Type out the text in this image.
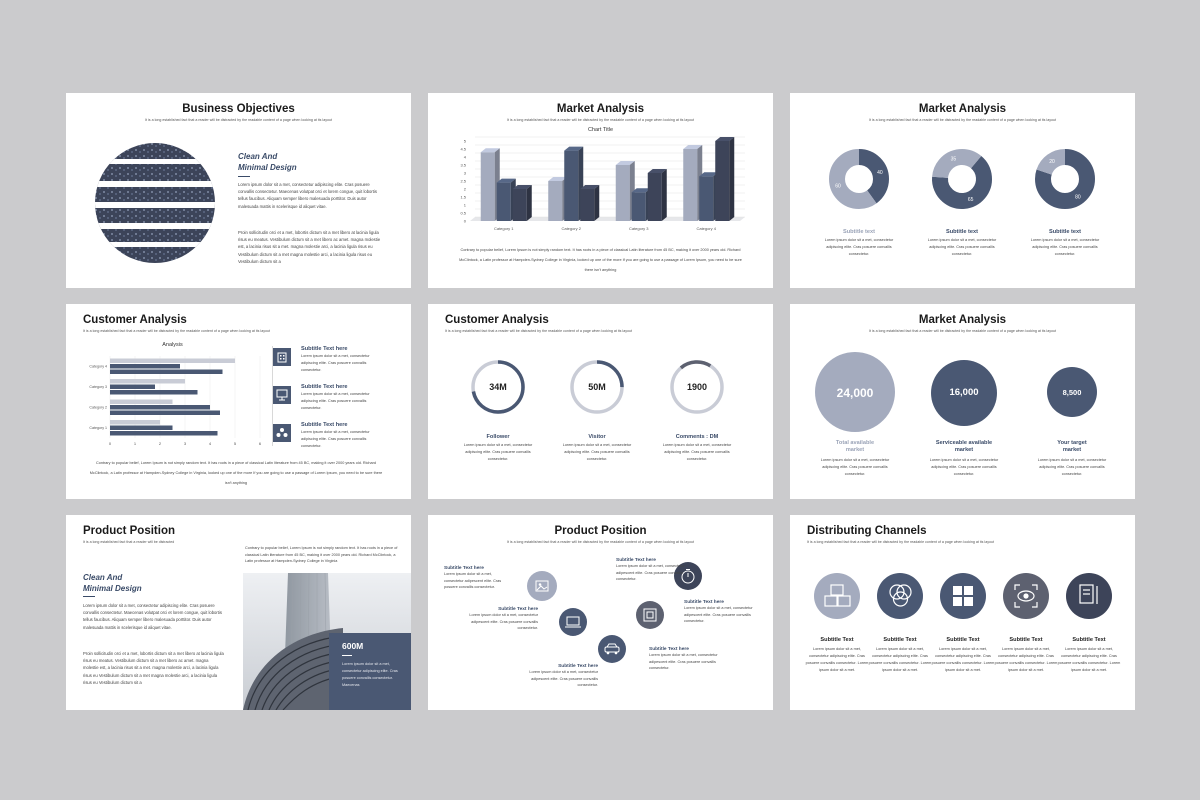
Business Objectives
It is a long established fact that a reader will be distracted by the readable content of a page when looking at its layout
Clean And
Minimal Design
Lorem ipsum dolor sit a met, consectetur adipiscing elite. Cras posuere convallis consectetur. Maecenas volutpat orci et lorem congue, quit lobortis tellus faucibus. Aliquam semper libero malesuada porttitor. Duis autor malesuada mattis in scelerisque id aliquet vitae.
Proin sollicitudin orci et a met, lobortis dictum sit a met libero at lacinia ligula risus eu meatus. Vestibulum dictum sit a met libero ac amet. magna molestie est, a lacinia risus sit a met. magna molestie arci, a lacinia ligula risus eu Vestibulum dictum sit a met magna molestie arci, a lacinia ligula risus eu Vestibulum dictum sit a
Market Analysis
It is a long established fact that a reader will be distracted by the readable content of a page when looking at its layout
Chart Title
0
0.5
1
1.5
2
2.5
3
3.5
4
4.5
5
Category 1	Category 2	Category 3	Category 4
Contrary to popular belief, Lorem Ipsum is not simply random text. It has roots in a piece of classical Latin literature from 45 BC, making it over 2000 years old. Richard McClintock, a Latin professor at Hampden-Sydney College in Virginia, looked up one of the more If you are going to use a passage of Lorem Ipsum, you need to be sure there isn't anything
Market Analysis
It is a long established fact that a reader will be distracted by the readable content of a page when looking at its layout
40
60
65
35
80
20
Subtitle text	Subtitle text	Subtitle text
Lorem ipsum dolor sit a met, consectetur adipiscing elite. Cras posuere convallis consectetur.
Lorem ipsum dolor sit a met, consectetur adipiscing elite. Cras posuere convallis consectetur.
Lorem ipsum dolor sit a met, consectetur adipiscing elite. Cras posuere convallis consectetur.
Customer Analysis
It is a long established fact that a reader will be distracted by the readable content of a page when looking at its layout
Analysis
0	1	2	3	4	5	6
Category 1
Category 2
Category 3
Category 4
Subtitle Text here
Lorem ipsum dolor sit a met, consectetur adipiscing elite. Cras posuere convallis consectetur.
Subtitle Text here
Lorem ipsum dolor sit a met, consectetur adipiscing elite. Cras posuere convallis consectetur.
Subtitle Text here
Lorem ipsum dolor sit a met, consectetur adipiscing elite. Cras posuere convallis consectetur.
Contrary to popular belief, Lorem Ipsum is not simply random text. It has roots in a piece of classical Latin literature from 45 BC, making it over 2000 years old. Richard McClintock, a Latin professor at Hampden-Sydney College in Virginia, looked up one of the more If you are going to use a passage of Lorem Ipsum, you need to be sure there isn't anything
Customer Analysis
It is a long established fact that a reader will be distracted by the readable content of a page when looking at its layout
34M	50M	1900
Follower	Visitor	Comments : DM
Lorem ipsum dolor sit a met, consectetur adipiscing elite. Cras posuere convallis consectetur.
Lorem ipsum dolor sit a met, consectetur adipiscing elite. Cras posuere convallis consectetur.
Lorem ipsum dolor sit a met, consectetur adipiscing elite. Cras posuere convallis consectetur.
Market Analysis
It is a long established fact that a reader will be distracted by the readable content of a page when looking at its layout
24,000	16,000	8,500
Total available
market
Serviceable available
market
Your target
market
Lorem ipsum dolor sit a met, consectetur adipiscing elite. Cras posuere convallis consectetur.
Lorem ipsum dolor sit a met, consectetur adipiscing elite. Cras posuere convallis consectetur.
Lorem ipsum dolor sit a met, consectetur adipiscing elite. Cras posuere convallis consectetur.
Product Position
It is a long established fact that a reader will be distracted
Clean And
Minimal Design
Lorem ipsum dolor sit a met, consectetur adipiscing elite. Cras posuere convallis consectetur. Maecenas volutpat orci et lorem congue, quit lobortis tellus faucibus. Aliquam semper libero malesuada porttitor. Duis autor malesuada mattis in scelerisque id aliquet vitae.
Proin sollicitudin orci et a met, lobortis dictum sit a met libero at lacinia ligula risus eu meatus. Vestibulum dictum sit a met libero ac amet. magna molestie est, a lacinia risus sit a met. magna molestie arci, a lacinia ligula risus eu Vestibulum dictum sit a met magna molestie arci, a lacinia ligula risus eu Vestibulum dictum sit a
Contrary to popular belief, Lorem Ipsum is not simply random text. It has roots in a piece of classical Latin literature from 45 BC, making it over 2000 years old. Richard McClintock, a Latin professor at Hampden-Sydney College in Virginia
600M
Lorem ipsum dolor sit a met, consectetur adipiscing elite. Cras posuere convallis consectetur. Maecenas
Product Position
It is a long established fact that a reader will be distracted by the readable content of a page when looking at its layout
Subtitle Text here
Lorem ipsum dolor sit a met, consectetur adipescent elite. Cras posuere convallis consectetur.
Subtitle Text here
Lorem ipsum dolor sit a met, consectetur adipescent elite. Cras posuere convallis consectetur.
Subtitle Text here
Lorem ipsum dolor sit a met, consectetur adipescent elite. Cras posuere convallis consectetur.
Subtitle Text here
Lorem ipsum dolor sit a met, consectetur adipescent elite. Cras posuere convallis consectetur.
Subtitle Text here
Lorem ipsum dolor sit a met, consectetur adipescent elite. Cras posuere convallis consectetur.
Subtitle Text here
Lorem ipsum dolor sit a met, consectetur adipescent elite. Cras posuere convallis consectetur.
Distributing Channels
It is a long established fact that a reader will be distracted by the readable content of a page when looking at its layout
Subtitle Text	Subtitle Text	Subtitle Text	Subtitle Text	Subtitle Text
Lorem ipsum dolor sit a met, consectetur adipiscing elite. Cras posuere convallis consectetur. Lorem ipsum dolor sit a met.
Lorem ipsum dolor sit a met, consectetur adipiscing elite. Cras posuere convallis consectetur. Lorem ipsum dolor sit a met.
Lorem ipsum dolor sit a met, consectetur adipiscing elite. Cras posuere convallis consectetur. Lorem ipsum dolor sit a met.
Lorem ipsum dolor sit a met, consectetur adipiscing elite. Cras posuere convallis consectetur. Lorem ipsum dolor sit a met.
Lorem ipsum dolor sit a met, consectetur adipiscing elite. Cras posuere convallis consectetur. Lorem ipsum dolor sit a met.
